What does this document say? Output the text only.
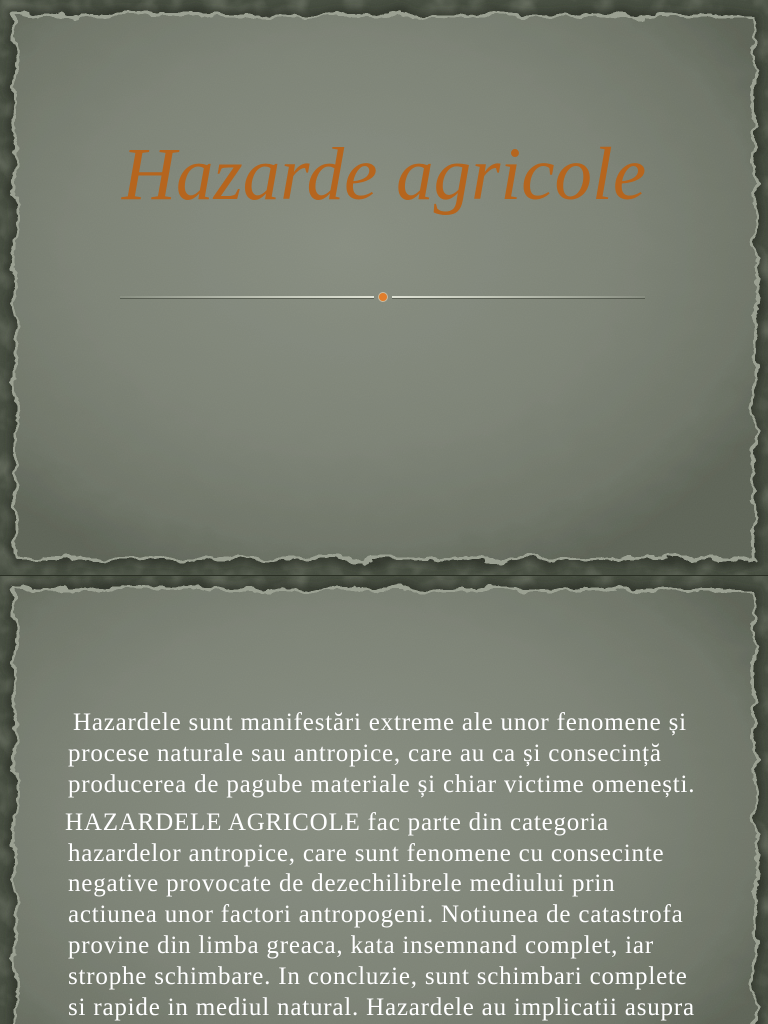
Hazarde agricole
Hazardele sunt manifestări extreme ale unor fenomene și
procese naturale sau antropice, care au ca și consecință
producerea de pagube materiale și chiar victime omenești.
HAZARDELE AGRICOLE fac parte din categoria
hazardelor antropice, care sunt fenomene cu consecinte
negative provocate de dezechilibrele mediului prin
actiunea unor factori antropogeni. Notiunea de catastrofa
provine din limba greaca, kata insemnand complet, iar
strophe schimbare. In concluzie, sunt schimbari complete
si rapide in mediul natural. Hazardele au implicatii asupra
